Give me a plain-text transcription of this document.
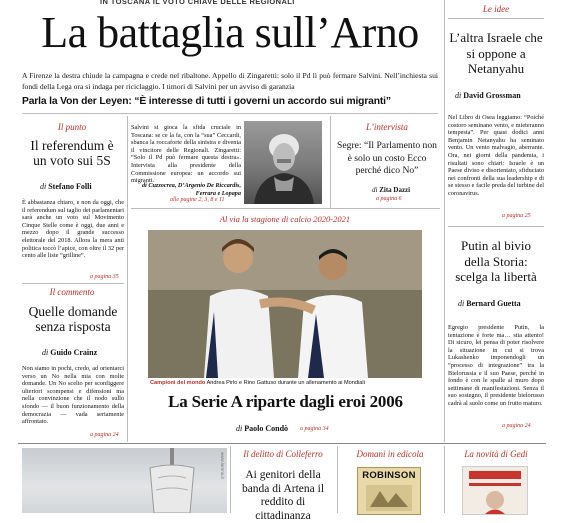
IN TOSCANA IL VOTO CHIAVE DELLE REGIONALI
La battaglia sull’Arno
A Firenze la destra chiude la campagna e crede nel ribaltone. Appello di Zingaretti: solo il Pd lì può fermare Salvini. Nell’inchiesta sui fondi della Lega ora si indaga per riciclaggio. I timori di Salvini per un avviso di garanzia
Parla la Von der Leyen: “È interesse di tutti i governi un accordo sui migranti”
Il punto
Il referendum è un voto sui 5S
di Stefano Folli
È abbastanza chiaro, e non da oggi, che il referendum sul taglio dei parlamentari sarà anche un voto sul Movimento Cinque Stelle come è oggi, due anni e mezzo dopo il grande successo elettorale del 2018. Allora la mera anti politica toccò l’apice, con oltre il 32 per cento alle liste “grilline”.
a pagina 35
Il commento
Quelle domande senza risposta
di Guido Crainz
Non siamo in pochi, credo, ad orientarci verso un No nella mia con molte domande. Un No scelto per sconfiggere ulteriori scompensi e difensioni ma nella convinzione che il nodo sullo sfondo — il buon funzionamento della democrazia — vada seriamente affrontato.
a pagina 24
Salvini si gioca la sfida cruciale in Toscana: se ce la fa, con la “sua” Ceccardi, sbanca la roccaforte della sinistra e diventa il vincitore delle Regionali. Zingaretti: “Solo il Pd può fermare questa destra». Intervista alla presidente della Commissione europea: un accordo sui migranti.
di Cuzzocrea, D’Argenio De Riccardis, Ferrara e Lopapa
alle pagine 2, 3, 8 e 11
L’intervista
Segre: “Il Parlamento non è solo un costo Ecco perché dico No”
di Zita Dazzi
a pagina 6
Al via la stagione di calcio 2020-2021
Campioni del mondo Andrea Pirlo e Rino Gattuso durante un allenamento ai Mondiali
La Serie A riparte dagli eroi 2006
di Paolo Condò	a pagina 34
Le idee
L’altra Israele che si oppone a Netanyahu
di David Grossman
Nel Libro di Osea leggiamo: “Poiché costoro seminano vento, e mieteranno tempesta”. Per quasi dodici anni Benjamin Netanyahu ha seminato vento. Un vento malvagio, aberrante. Ora, nei giorni della pandemia, i risultati sono chiari: Israele è un Paese diviso e disorientato, sfiduciato nei confronti della sua leadership e di se stesso e facile preda del turbine del coronavirus.
a pagina 25
Putin al bivio della Storia: scelga la libertà
di Bernard Guetta
Egregio presidente Putin, la tentazione è forte ma… stia attento! Di sicuro, lei pensa di poter risolvere la situazione in cui si trova Lukashenko imponendogli un “processo di integrazione” tra la Bielorussia e il suo Paese, perché in fondo è con le spalle al muro dopo settimane di manifestazioni. Senza il suo sostegno, il presidente bielorusso cadrà al suolo come un frutto maturo.
a pagina 24
www.larena.it	Il delitto di Colleferro
Ai genitori della banda di Artena il reddito di cittadinanza
Domani in edicola
ROBINSON
La novità di Gedi
